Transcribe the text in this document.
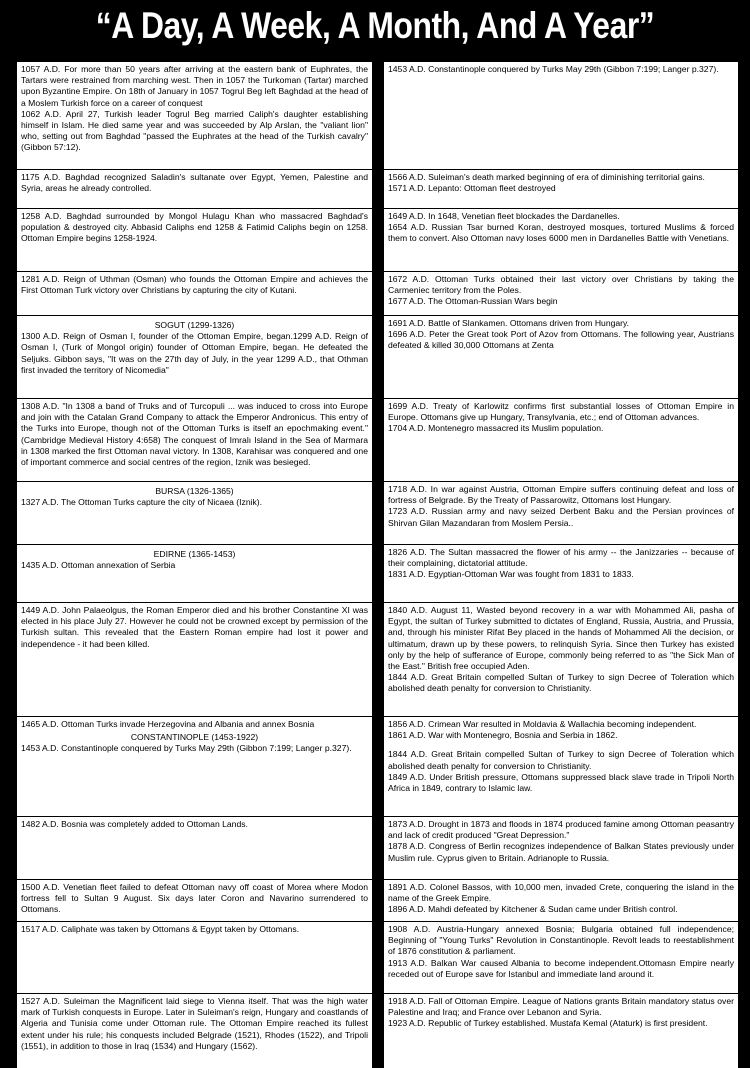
“A Day, A Week, A Month, And A Year”

1057 A.D. For more than 50 years after arriving at the eastern bank of Euphrates, the Tartars were restrained from marching west. Then in 1057 the Turkoman (Tartar) marched upon Byzantine Empire. On 18th of January in 1057 Togrul Beg left Baghdad at the head of a Moslem Turkish force on a career of conquest

1062 A.D. April 27, Turkish leader Togrul Beg married Caliph's daughter establishing himself in Islam. He died same year and was succeeded by Alp Arslan, the "valiant lion" who, setting out from Baghdad "passed the Euphrates at the head of the Turkish cavalry" (Gibbon 57:12).

1453 A.D. Constantinople conquered by Turks May 29th (Gibbon 7:199; Langer p.327).

1175 A.D. Baghdad recognized Saladin's sultanate over Egypt, Yemen, Palestine and Syria, areas he already controlled.

1566 A.D. Suleiman's death marked beginning of era of diminishing territorial gains.

1571 A.D. Lepanto: Ottoman fleet destroyed

1258 A.D. Baghdad surrounded by Mongol Hulagu Khan who massacred Baghdad's population & destroyed city. Abbasid Caliphs end 1258 & Fatimid Caliphs begin on 1258. Ottoman Empire begins 1258-1924.

1649 A.D. In 1648, Venetian fleet blockades the Dardanelles.

1654 A.D. Russian Tsar burned Koran, destroyed mosques, tortured Muslims & forced them to convert. Also Ottoman navy loses 6000 men in Dardanelles Battle with Venetians.

1281 A.D. Reign of Uthman (Osman) who founds the Ottoman Empire and achieves the First Ottoman Turk victory over Christians by capturing the city of Kutani.

1672 A.D. Ottoman Turks obtained their last victory over Christians by taking the Carmeniec territory from the Poles.

1677 A.D. The Ottoman-Russian Wars begin

SOGUT (1299-1326)

1300 A.D. Reign of Osman I, founder of the Ottoman Empire, began.1299 A.D. Reign of Osman I, (Turk of Mongol origin) founder of Ottoman Empire, began. He defeated the Seljuks. Gibbon says, "It was on the 27th day of July, in the year 1299 A.D., that Othman first invaded the territory of Nicomedia"

1691 A.D. Battle of Slankamen. Ottomans driven from Hungary.

1696 A.D. Peter the Great took Port of Azov from Ottomans. The following year, Austrians defeated & killed 30,000 Ottomans at Zenta

1308 A.D. "In 1308 a band of Truks and of Turcopuli ... was induced to cross into Europe and join with the Catalan Grand Company to attack the Emperor Andronicus. This entry of the Turks into Europe, though not of the Ottoman Turks is itself an epochmaking event." (Cambridge Medieval History 4:658) The conquest of Imralı Island in the Sea of Marmara in 1308 marked the first Ottoman naval victory. In 1308, Karahisar was conquered and one of important commerce and social centres of the region, Iznik was besieged.

1699 A.D. Treaty of Karlowitz confirms first substantial losses of Ottoman Empire in Europe. Ottomans give up Hungary, Transylvania, etc.; end of Ottoman advances.

1704 A.D. Montenegro massacred its Muslim population.

BURSA (1326-1365)

1327 A.D. The Ottoman Turks capture the city of Nicaea (Iznik).

1718 A.D. In war against Austria, Ottoman Empire suffers continuing defeat and loss of fortress of Belgrade. By the Treaty of Passarowitz, Ottomans lost Hungary.

1723 A.D. Russian army and navy seized Derbent Baku and the Persian provinces of Shirvan Gilan Mazandaran from Moslem Persia..

EDIRNE (1365-1453)

1435 A.D. Ottoman annexation of Serbia

1826 A.D. The Sultan massacred the flower of his army -- the Janizzaries -- because of their complaining, dictatorial attitude.

1831 A.D. Egyptian-Ottoman War was fought from 1831 to 1833.

1449 A.D. John Palaeolgus, the Roman Emperor died and his brother Constantine XI was elected in his place July 27. However he could not be crowned except by permission of the Turkish sultan. This revealed that the Eastern Roman empire had lost it power and independence - it had been killed.

1840 A.D. August 11, Wasted beyond recovery in a war with Mohammed Ali, pasha of Egypt, the sultan of Turkey submitted to dictates of England, Russia, Austria, and Prussia, and, through his minister Rifat Bey placed in the hands of Mohammed Ali the decision, or ultimatum, drawn up by these powers, to relinquish Syria. Since then Turkey has existed only by the help of sufferance of Europe, commonly being referred to as "the Sick Man of the East." British free occupied Aden.

1844 A.D. Great Britain compelled Sultan of Turkey to sign Decree of Toleration which abolished death penalty for conversion to Christianity.

1465 A.D. Ottoman Turks invade Herzegovina and Albania and annex Bosnia

CONSTANTINOPLE (1453-1922)

1453 A.D. Constantinople conquered by Turks May 29th (Gibbon 7:199; Langer p.327).

1856 A.D. Crimean War resulted in Moldavia & Wallachia becoming independent.

1861 A.D. War with Montenegro, Bosnia and Serbia in 1862.

1844 A.D. Great Britain compelled Sultan of Turkey to sign Decree of Toleration which abolished death penalty for conversion to Christianity.

1849 A.D. Under British pressure, Ottomans suppressed black slave trade in Tripoli North Africa in 1849, contrary to Islamic law.

1482 A.D. Bosnia was completely added to Ottoman Lands.	1873 A.D. Drought in 1873 and floods in 1874 produced famine among Ottoman peasantry and lack of credit produced "Great Depression."

1878 A.D. Congress of Berlin recognizes independence of Balkan States previously under Muslim rule. Cyprus given to Britain. Adrianople to Russia.

1500 A.D. Venetian fleet failed to defeat Ottoman navy off coast of Morea where Modon fortress fell to Sultan 9 August. Six days later Coron and Navarino surrendered to Ottomans.

1891 A.D. Colonel Bassos, with 10,000 men, invaded Crete, conquering the island in the name of the Greek Empire.

1896 A.D. Mahdi defeated by Kitchener & Sudan came under British control.

1517 A.D. Caliphate was taken by Ottomans & Egypt taken by Ottomans.	1908 A.D. Austria-Hungary annexed Bosnia; Bulgaria obtained full independence; Beginning of "Young Turks" Revolution in Constantinople. Revolt leads to reestablishment of 1876 constitution & parliament.

1913 A.D. Balkan War caused Albania to become independent.Ottomasn Empire nearly receded out of Europe save for Istanbul and immediate land around it.

1527 A.D. Suleiman the Magnificent laid siege to Vienna itself. That was the high water mark of Turkish conquests in Europe. Later in Suleiman's reign, Hungary and coastlands of Algeria and Tunisia come under Ottoman rule. The Ottoman Empire reached its fullest extent under his rule; his conquests included Belgrade (1521), Rhodes (1522), and Tripoli (1551), in addition to those in Iraq (1534) and Hungary (1562).

1918 A.D. Fall of Ottoman Empire. League of Nations grants Britain mandatory status over Palestine and Iraq; and France over Lebanon and Syria.

1923 A.D. Republic of Turkey established. Mustafa Kemal (Ataturk) is first president.
